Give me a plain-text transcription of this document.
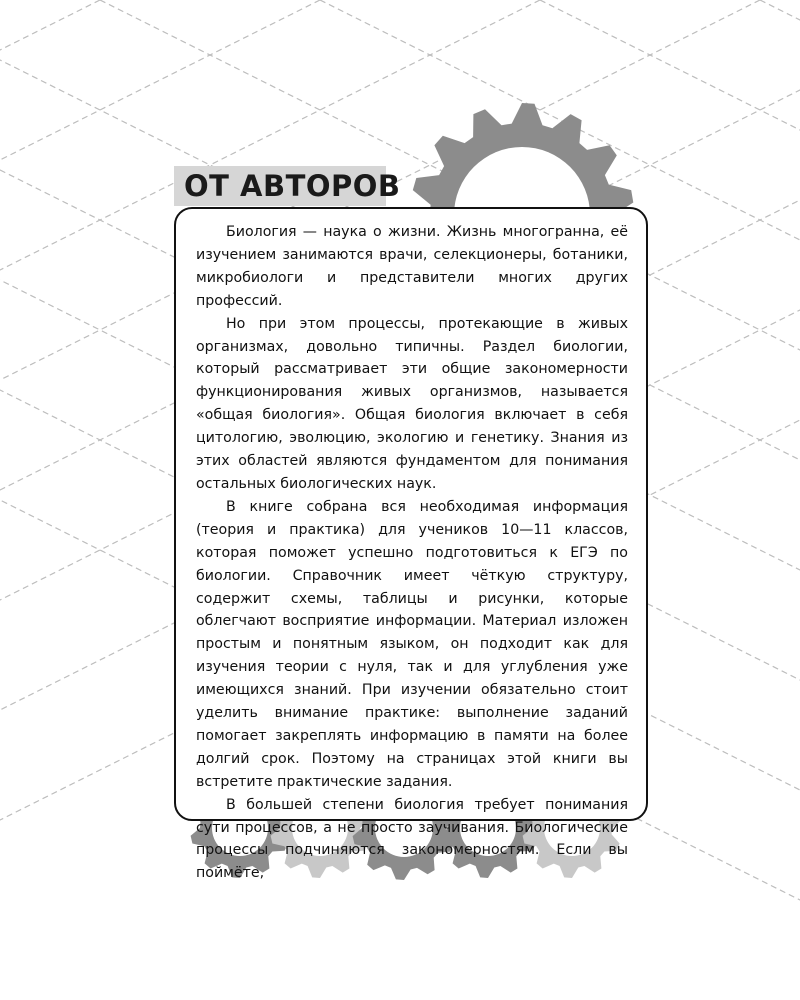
ОТ АВТОРОВ

Биология — наука о жизни. Жизнь многогранна, её изучением занимаются врачи, селекционеры, ботаники, микробиологи и представители многих других профессий.

Но при этом процессы, протекающие в живых организмах, довольно типичны. Раздел биологии, который рассматривает эти общие закономерности функционирования живых организмов, называется «общая биология». Общая биология включает в себя цитологию, эволюцию, экологию и генетику. Знания из этих областей являются фундаментом для понимания остальных биологических наук.

В книге собрана вся необходимая информация (теория и практика) для учеников 10—11 классов, которая поможет успешно подготовиться к ЕГЭ по биологии. Справочник имеет чёткую структуру, содержит схемы, таблицы и рисунки, которые облегчают восприятие информации. Материал изложен простым и понятным языком, он подходит как для изучения теории с нуля, так и для углубления уже имеющихся знаний. При изучении обязательно стоит уделить внимание практике: выполнение заданий помогает закреплять информацию в памяти на более долгий срок. Поэтому на страницах этой книги вы встретите практические задания.

В большей степени биология требует понимания сути процессов, а не просто заучивания. Биологические процессы подчиняются закономерностям. Если вы поймёте,
